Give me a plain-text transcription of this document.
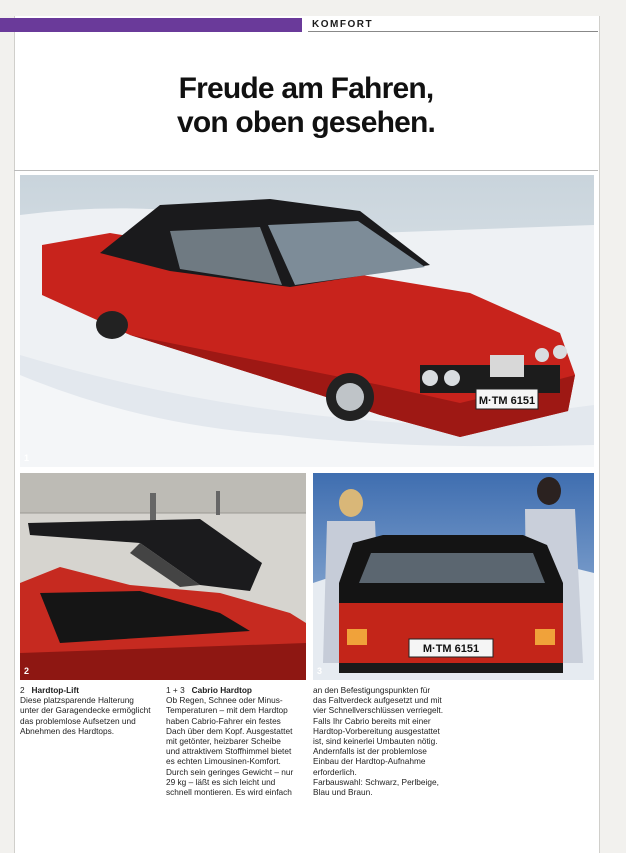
KOMFORT
Freude am Fahren,
von oben gesehen.
M·TM 6151
1
2
M·TM 6151
3
2 Hardtop-Lift
Diese platzsparende Halterung
unter der Garagendecke ermöglicht
das problemlose Aufsetzen und
Abnehmen des Hardtops.
1 + 3 Cabrio Hardtop
Ob Regen, Schnee oder Minus-
Temperaturen – mit dem Hardtop
haben Cabrio-Fahrer ein festes
Dach über dem Kopf. Ausgestattet
mit getönter, heizbarer Scheibe
und attraktivem Stoffhimmel bietet
es echten Limousinen-Komfort.
Durch sein geringes Gewicht – nur
29 kg – läßt es sich leicht und
schnell montieren. Es wird einfach
an den Befestigungspunkten für
das Faltverdeck aufgesetzt und mit
vier Schnellverschlüssen verriegelt.
Falls Ihr Cabrio bereits mit einer
Hardtop-Vorbereitung ausgestattet
ist, sind keinerlei Umbauten nötig.
Andernfalls ist der problemlose
Einbau der Hardtop-Aufnahme
erforderlich.
Farbauswahl: Schwarz, Perlbeige,
Blau und Braun.
